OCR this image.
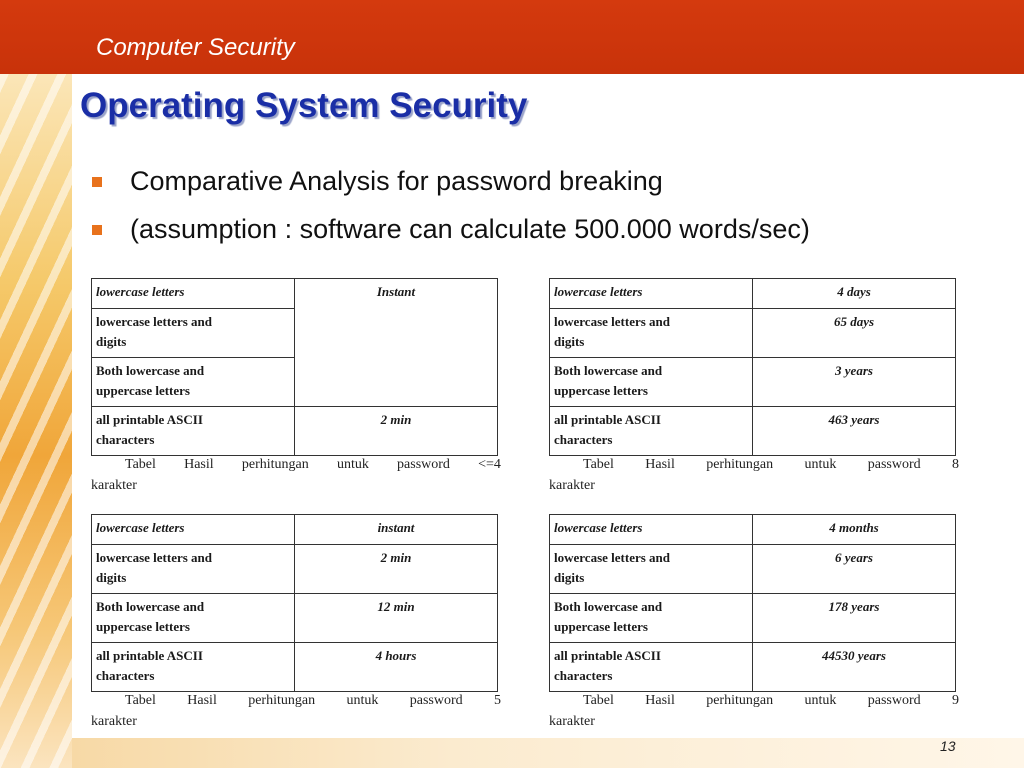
Computer Security
Operating System Security
Comparative Analysis for password breaking
(assumption : software can calculate 500.000 words/sec)
lowercase letters	Instant
lowercase letters and
digits	
Both lowercase and
uppercase letters	
all printable ASCII
characters	2 min
Tabel Hasil perhitungan untuk password <=4
karakter
lowercase letters	4 days
lowercase letters and
digits	65 days
Both lowercase and
uppercase letters	3 years
all printable ASCII
characters	463 years
Tabel Hasil perhitungan untuk password 8
karakter
lowercase letters	instant
lowercase letters and
digits	2 min
Both lowercase and
uppercase letters	12 min
all printable ASCII
characters	4 hours
Tabel Hasil perhitungan untuk password 5
karakter
lowercase letters	4 months
lowercase letters and
digits	6 years
Both lowercase and
uppercase letters	178 years
all printable ASCII
characters	44530 years
Tabel Hasil perhitungan untuk password 9
karakter
13
